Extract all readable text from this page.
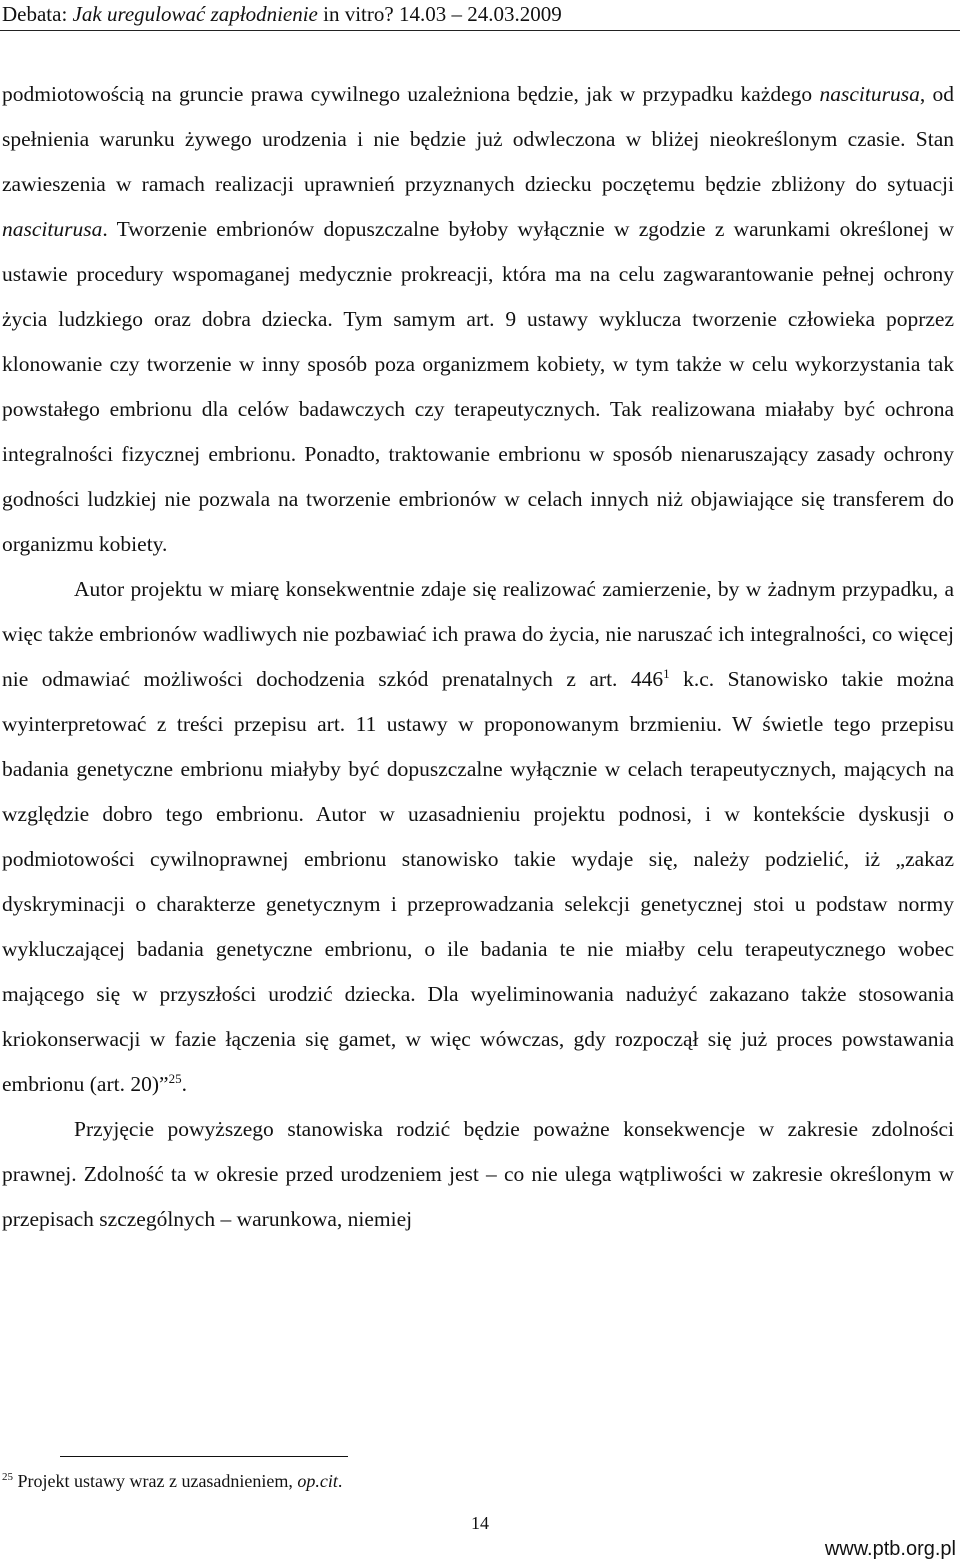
Debata: Jak uregulować zapłodnienie in vitro? 14.03 – 24.03.2009

podmiotowością na gruncie prawa cywilnego uzależniona będzie, jak w przypadku każdego nasciturusa, od spełnienia warunku żywego urodzenia i nie będzie już odwleczona w bliżej nieokreślonym czasie. Stan zawieszenia w ramach realizacji uprawnień przyznanych dziecku poczętemu będzie zbliżony do sytuacji nasciturusa. Tworzenie embrionów dopuszczalne byłoby wyłącznie w zgodzie z warunkami określonej w ustawie procedury wspomaganej medycznie prokreacji, która ma na celu zagwarantowanie pełnej ochrony życia ludzkiego oraz dobra dziecka. Tym samym art. 9 ustawy wyklucza tworzenie człowieka poprzez klonowanie czy tworzenie w inny sposób poza organizmem kobiety, w tym także w celu wykorzystania tak powstałego embrionu dla celów badawczych czy terapeutycznych. Tak realizowana miałaby być ochrona integralności fizycznej embrionu. Ponadto, traktowanie embrionu w sposób nienaruszający zasady ochrony godności ludzkiej nie pozwala na tworzenie embrionów w celach innych niż objawiające się transferem do organizmu kobiety.

Autor projektu w miarę konsekwentnie zdaje się realizować zamierzenie, by w żadnym przypadku, a więc także embrionów wadliwych nie pozbawiać ich prawa do życia, nie naruszać ich integralności, co więcej nie odmawiać możliwości dochodzenia szkód prenatalnych z art. 446$^1$ k.c. Stanowisko takie można wyinterpretować z treści przepisu art. 11 ustawy w proponowanym brzmieniu. W świetle tego przepisu badania genetyczne embrionu miałyby być dopuszczalne wyłącznie w celach terapeutycznych, mających na względzie dobro tego embrionu. Autor w uzasadnieniu projektu podnosi, i w kontekście dyskusji o podmiotowości cywilnoprawnej embrionu stanowisko takie wydaje się, należy podzielić, iż „zakaz dyskryminacji o charakterze genetycznym i przeprowadzania selekcji genetycznej stoi u podstaw normy wykluczającej badania genetyczne embrionu, o ile badania te nie miałby celu terapeutycznego wobec mającego się w przyszłości urodzić dziecka. Dla wyeliminowania nadużyć zakazano także stosowania kriokonserwacji w fazie łączenia się gamet, w więc wówczas, gdy rozpoczął się już proces powstawania embrionu (art. 20)”$^{25}$.

Przyjęcie powyższego stanowiska rodzić będzie poważne konsekwencje w zakresie zdolności prawnej. Zdolność ta w okresie przed urodzeniem jest – co nie ulega wątpliwości w zakresie określonym w przepisach szczególnych – warunkowa, niemiej

$^{25}$ Projekt ustawy wraz z uzasadnieniem, op.cit.
14
www.ptb.org.pl
